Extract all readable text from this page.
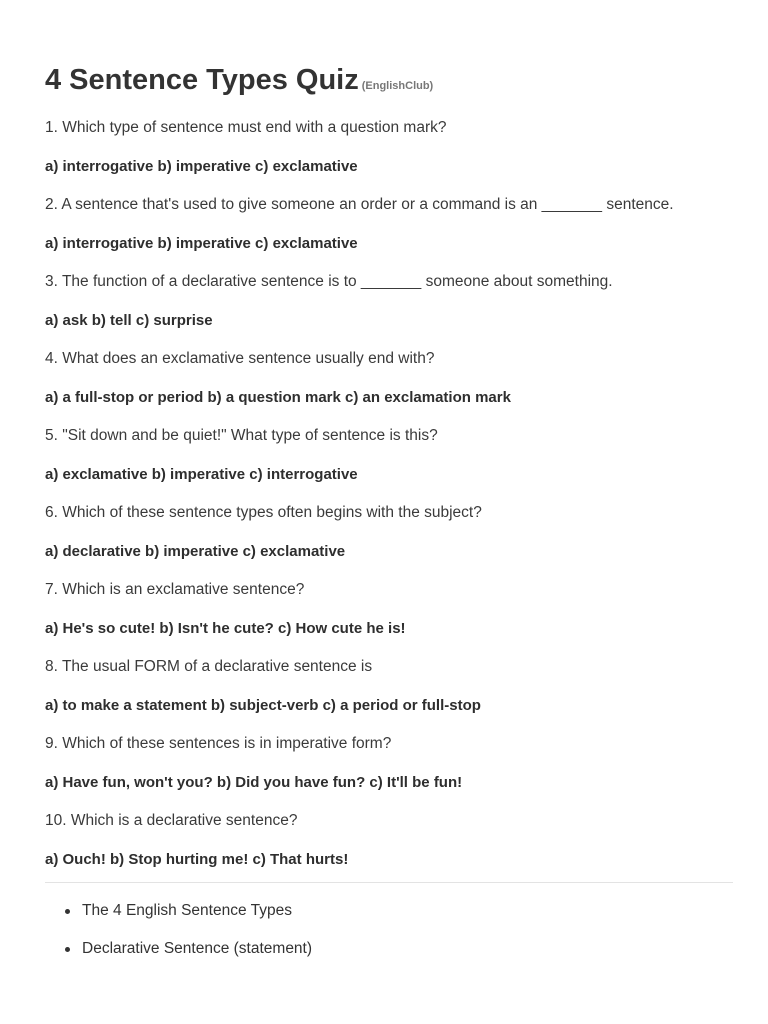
4 Sentence Types Quiz (EnglishClub)

1. Which type of sentence must end with a question mark?

a) interrogative b) imperative c) exclamative

2. A sentence that's used to give someone an order or a command is an _______ sentence.

a) interrogative b) imperative c) exclamative

3. The function of a declarative sentence is to _______ someone about something.

a) ask b) tell c) surprise

4. What does an exclamative sentence usually end with?

a) a full-stop or period b) a question mark c) an exclamation mark

5. "Sit down and be quiet!" What type of sentence is this?

a) exclamative b) imperative c) interrogative

6. Which of these sentence types often begins with the subject?

a) declarative b) imperative c) exclamative

7. Which is an exclamative sentence?

a) He's so cute! b) Isn't he cute? c) How cute he is!

8. The usual FORM of a declarative sentence is

a) to make a statement b) subject-verb c) a period or full-stop

9. Which of these sentences is in imperative form?

a) Have fun, won't you? b) Did you have fun? c) It'll be fun!

10. Which is a declarative sentence?

a) Ouch! b) Stop hurting me! c) That hurts!

The 4 English Sentence Types
Declarative Sentence (statement)
